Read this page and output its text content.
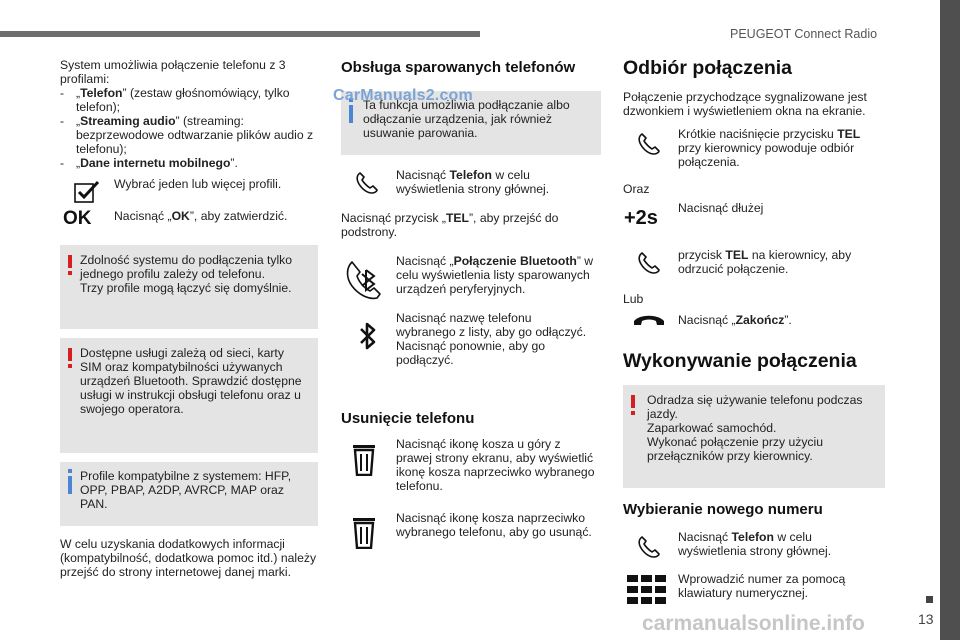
PEUGEOT Connect Radio
13
System umożliwia połączenie telefonu z 3
profilami:
- „Telefon” (zestaw głośnomówiący, tylko
telefon);
- „Streaming audio” (streaming:
bezprzewodowe odtwarzanie plików audio z
telefonu);
- „Dane internetu mobilnego”.
Wybrać jeden lub więcej profili.
OK Nacisnąć „OK”, aby zatwierdzić.
Zdolność systemu do podłączenia tylko
jednego profilu zależy od telefonu.
Trzy profile mogą łączyć się domyślnie.
Dostępne usługi zależą od sieci, karty
SIM oraz kompatybilności używanych
urządzeń Bluetooth. Sprawdzić dostępne
usługi w instrukcji obsługi telefonu oraz u
swojego operatora.
Profile kompatybilne z systemem: HFP,
OPP, PBAP, A2DP, AVRCP, MAP oraz
PAN.
W celu uzyskania dodatkowych informacji
(kompatybilność, dodatkowa pomoc itd.) należy
przejść do strony internetowej danej marki.
Obsługa sparowanych telefonów
Ta funkcja umożliwia podłączanie albo
odłączanie urządzenia, jak również
usuwanie parowania.
CarManuals2.com
Nacisnąć Telefon w celu
wyświetlenia strony głównej.
Nacisnąć przycisk „TEL”, aby przejść do
podstrony.
Nacisnąć „Połączenie Bluetooth” w
celu wyświetlenia listy sparowanych
urządzeń peryferyjnych.
Nacisnąć nazwę telefonu
wybranego z listy, aby go odłączyć.
Nacisnąć ponownie, aby go
podłączyć.
Usunięcie telefonu
Nacisnąć ikonę kosza u góry z
prawej strony ekranu, aby wyświetlić
ikonę kosza naprzeciwko wybranego
telefonu.
Nacisnąć ikonę kosza naprzeciwko
wybranego telefonu, aby go usunąć.
Odbiór połączenia
Połączenie przychodzące sygnalizowane jest
dzwonkiem i wyświetleniem okna na ekranie.
Krótkie naciśnięcie przycisku TEL
przy kierownicy powoduje odbiór
połączenia.
Oraz
+2s Nacisnąć dłużej
przycisk TEL na kierownicy, aby
odrzucić połączenie.
Lub
Nacisnąć „Zakończ”.
Wykonywanie połączenia
Odradza się używanie telefonu podczas
jazdy.
Zaparkować samochód.
Wykonać połączenie przy użyciu
przełączników przy kierownicy.
Wybieranie nowego numeru
Nacisnąć Telefon w celu
wyświetlenia strony głównej.
Wprowadzić numer za pomocą
klawiatury numerycznej.
carmanualsonline.info
